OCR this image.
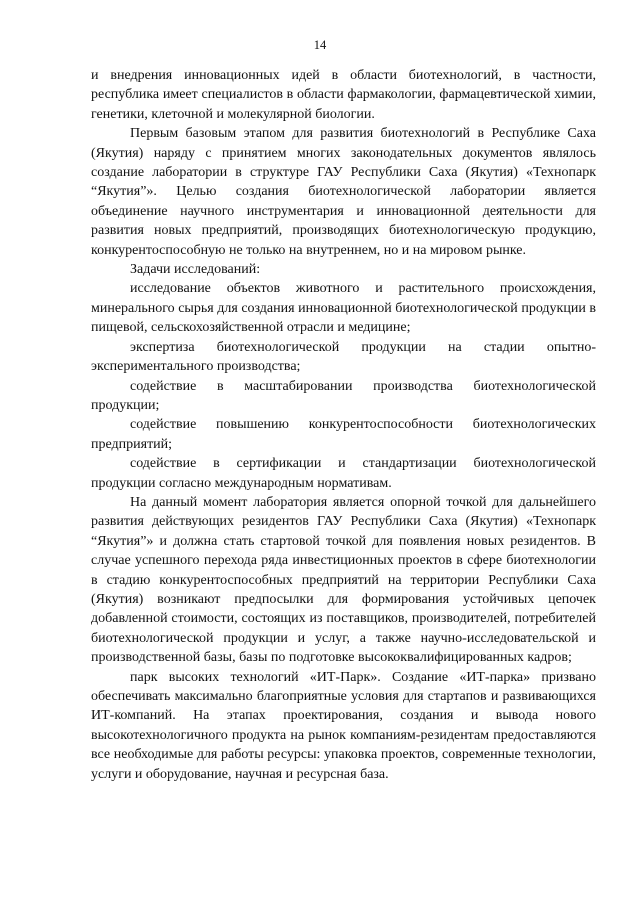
14

и внедрения инновационных идей в области биотехнологий, в частности, республика имеет специалистов в области фармакологии, фармацевтической химии, генетики, клеточной и молекулярной биологии.

Первым базовым этапом для развития биотехнологий в Республике Саха (Якутия) наряду с принятием многих законодательных документов являлось создание лаборатории в структуре ГАУ Республики Саха (Якутия) «Технопарк “Якутия”». Целью создания биотехнологической лаборатории является объединение научного инструментария и инновационной деятельности для развития новых предприятий, производящих биотехнологическую продукцию, конкурентоспособную не только на внутреннем, но и на мировом рынке.

Задачи исследований:

исследование объектов животного и растительного происхождения, минерального сырья для создания инновационной биотехнологической продукции в пищевой, сельскохозяйственной отрасли и медицине;

экспертиза биотехнологической продукции на стадии опытно-экспериментального производства;

содействие в масштабировании производства биотехнологической продукции;

содействие повышению конкурентоспособности биотехнологических предприятий;

содействие в сертификации и стандартизации биотехнологической продукции согласно международным нормативам.

На данный момент лаборатория является опорной точкой для дальнейшего развития действующих резидентов ГАУ Республики Саха (Якутия) «Технопарк “Якутия”» и должна стать стартовой точкой для появления новых резидентов. В случае успешного перехода ряда инвестиционных проектов в сфере биотехнологии в стадию конкурентоспособных предприятий на территории Республики Саха (Якутия) возникают предпосылки для формирования устойчивых цепочек добавленной стоимости, состоящих из поставщиков, производителей, потребителей биотехнологической продукции и услуг, а также научно-исследовательской и производственной базы, базы по подготовке высококвалифицированных кадров;

парк высоких технологий «ИТ-Парк». Создание «ИТ-парка» призвано обеспечивать максимально благоприятные условия для стартапов и развивающихся ИТ-компаний. На этапах проектирования, создания и вывода нового высокотехнологичного продукта на рынок компаниям-резидентам предоставляются все необходимые для работы ресурсы: упаковка проектов, современные технологии, услуги и оборудование, научная и ресурсная база.
